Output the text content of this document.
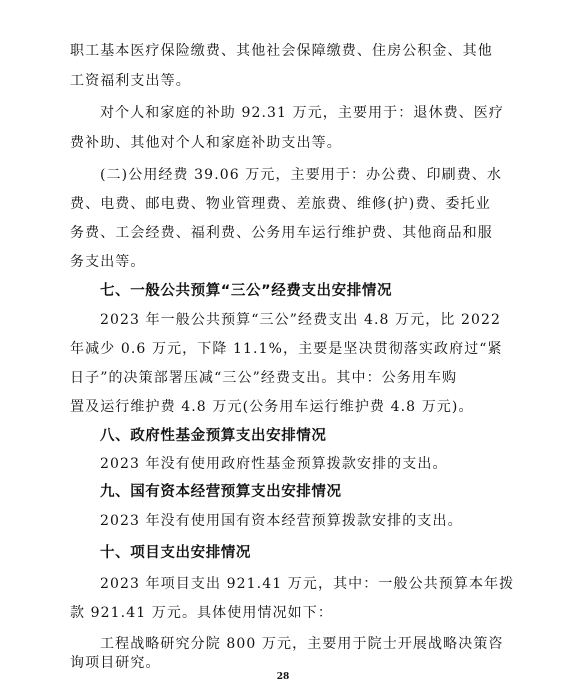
职工基本医疗保险缴费、其他社会保障缴费、住房公积金、其他
工资福利支出等。
对个人和家庭的补助 92.31 万元，主要用于：退休费、医疗
费补助、其他对个人和家庭补助支出等。
(二)公用经费 39.06 万元，主要用于：办公费、印刷费、水
费、电费、邮电费、物业管理费、差旅费、维修(护)费、委托业
务费、工会经费、福利费、公务用车运行维护费、其他商品和服
务支出等。
七、一般公共预算“三公”经费支出安排情况
2023 年一般公共预算“三公”经费支出 4.8 万元，比 2022
年减少 0.6 万元，下降 11.1%，主要是坚决贯彻落实政府过“紧
日子”的决策部署压减“三公”经费支出。其中：公务用车购
置及运行维护费 4.8 万元(公务用车运行维护费 4.8 万元)。
八、政府性基金预算支出安排情况
2023 年没有使用政府性基金预算拨款安排的支出。
九、国有资本经营预算支出安排情况
2023 年没有使用国有资本经营预算拨款安排的支出。
十、项目支出安排情况
2023 年项目支出 921.41 万元，其中：一般公共预算本年拨
款 921.41 万元。具体使用情况如下：
工程战略研究分院 800 万元，主要用于院士开展战略决策咨
询项目研究。
28
